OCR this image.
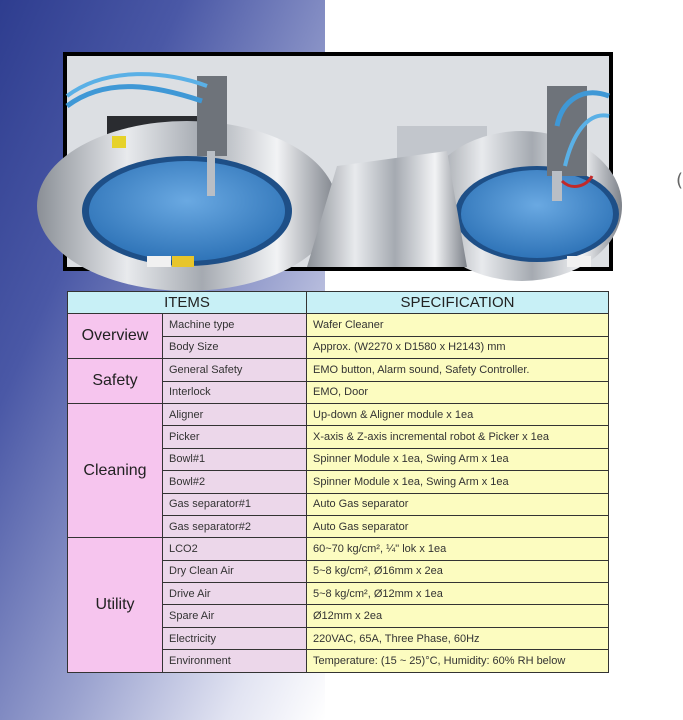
(
ITEMS		SPECIFICATION
Overview	Machine type	Wafer Cleaner
	Body Size	Approx. (W2270 x D1580 x H2143) mm
Safety	General Safety	EMO button, Alarm sound, Safety Controller.
	Interlock	EMO, Door
Cleaning	Aligner	Up-down & Aligner module x 1ea
	Picker	X-axis & Z-axis incremental robot & Picker x 1ea
	Bowl#1	Spinner Module x 1ea, Swing Arm x 1ea
	Bowl#2	Spinner Module x 1ea, Swing Arm x 1ea
	Gas separator#1	Auto Gas separator
	Gas separator#2	Auto Gas separator
Utility	LCO2	60~70 kg/cm², ¼" lok x 1ea
	Dry Clean Air	5~8 kg/cm², Ø16mm x 2ea
	Drive Air	5~8 kg/cm², Ø12mm x 1ea
	Spare Air	Ø12mm x 2ea
	Electricity	220VAC, 65A, Three Phase, 60Hz
	Environment	Temperature: (15 ~ 25)°C, Humidity: 60% RH below
